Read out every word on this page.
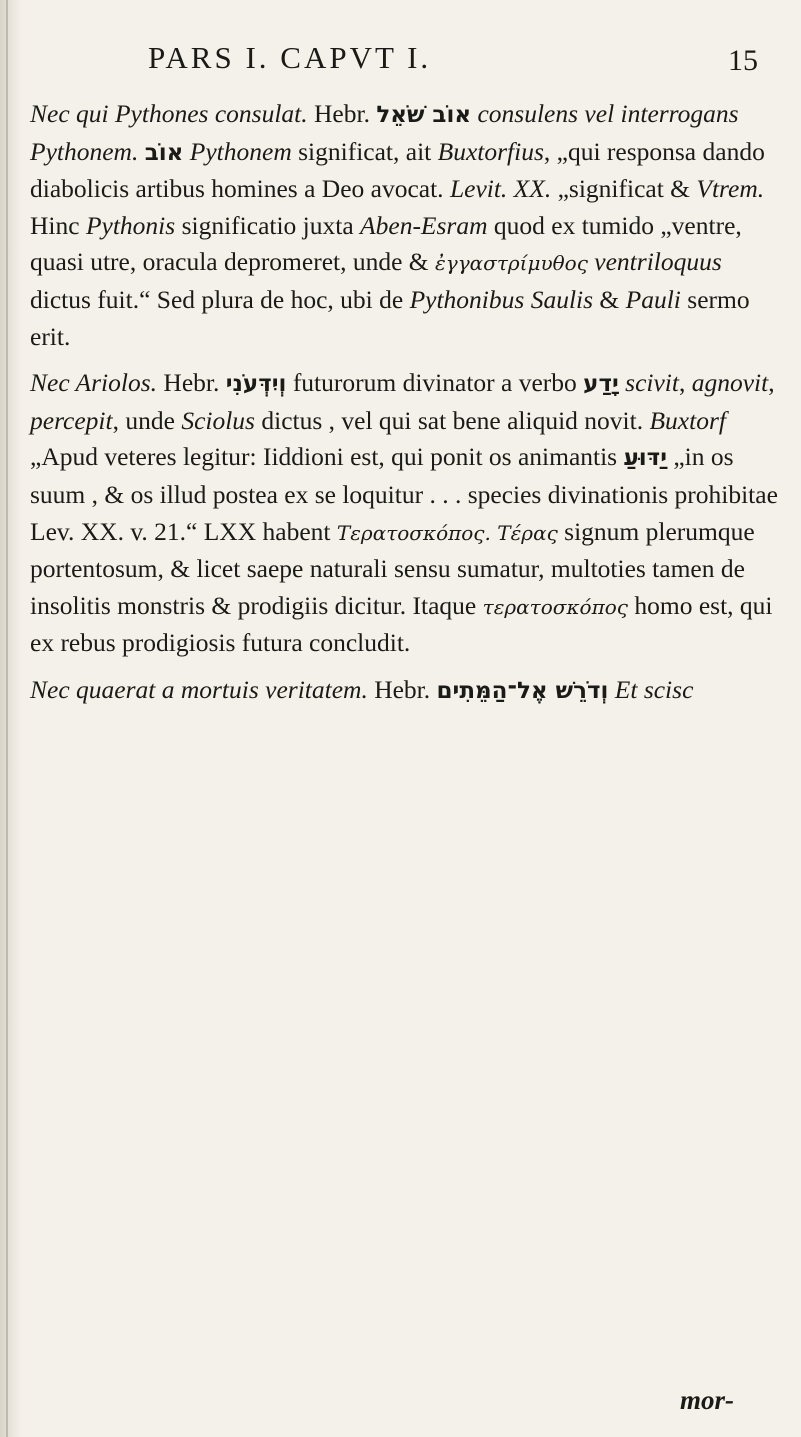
PARS I. CAPVT I.	15

Nec qui Pythones consulat. Hebr. אוֹב שֹׁאֵל consulens vel interrogans Pythonem. אוֹב Pythonem significat, ait Buxtorfius, „qui responsa dando diabolicis artibus homines a Deo avocat. Levit. XX. „significat & Vtrem. Hinc Pythonis significatio juxta Aben-Esram quod ex tumido „ventre, quasi utre, oracula depromeret, unde & ἐγγαστρίμυθος ventriloquus dictus fuit.“ Sed plura de hoc, ubi de Pythonibus Saulis & Pauli sermo erit.

Nec Ariolos. Hebr. וְיִדְּעֹנִי futurorum divinator a verbo יָדַע scivit, agnovit, percepit, unde Sciolus dictus , vel qui sat bene aliquid novit. Buxtorf „Apud veteres legitur: Iiddioni est, qui ponit os animantis יַדּוּעַ „in os suum , & os illud postea ex se loquitur . . . species divinationis prohibitae Lev. XX. v. 21.“ LXX habent Τερατοσκόπος. Τέρας signum plerumque portentosum, & licet saepe naturali sensu sumatur, multoties tamen de insolitis monstris & prodigiis dicitur. Itaque τερατοσκόπος homo est, qui ex rebus prodigiosis futura concludit.

Nec quaerat a mortuis veritatem. Hebr. וְדֹרֵשׁ אֶל־הַמֵּתִים Et scisc

mor-
